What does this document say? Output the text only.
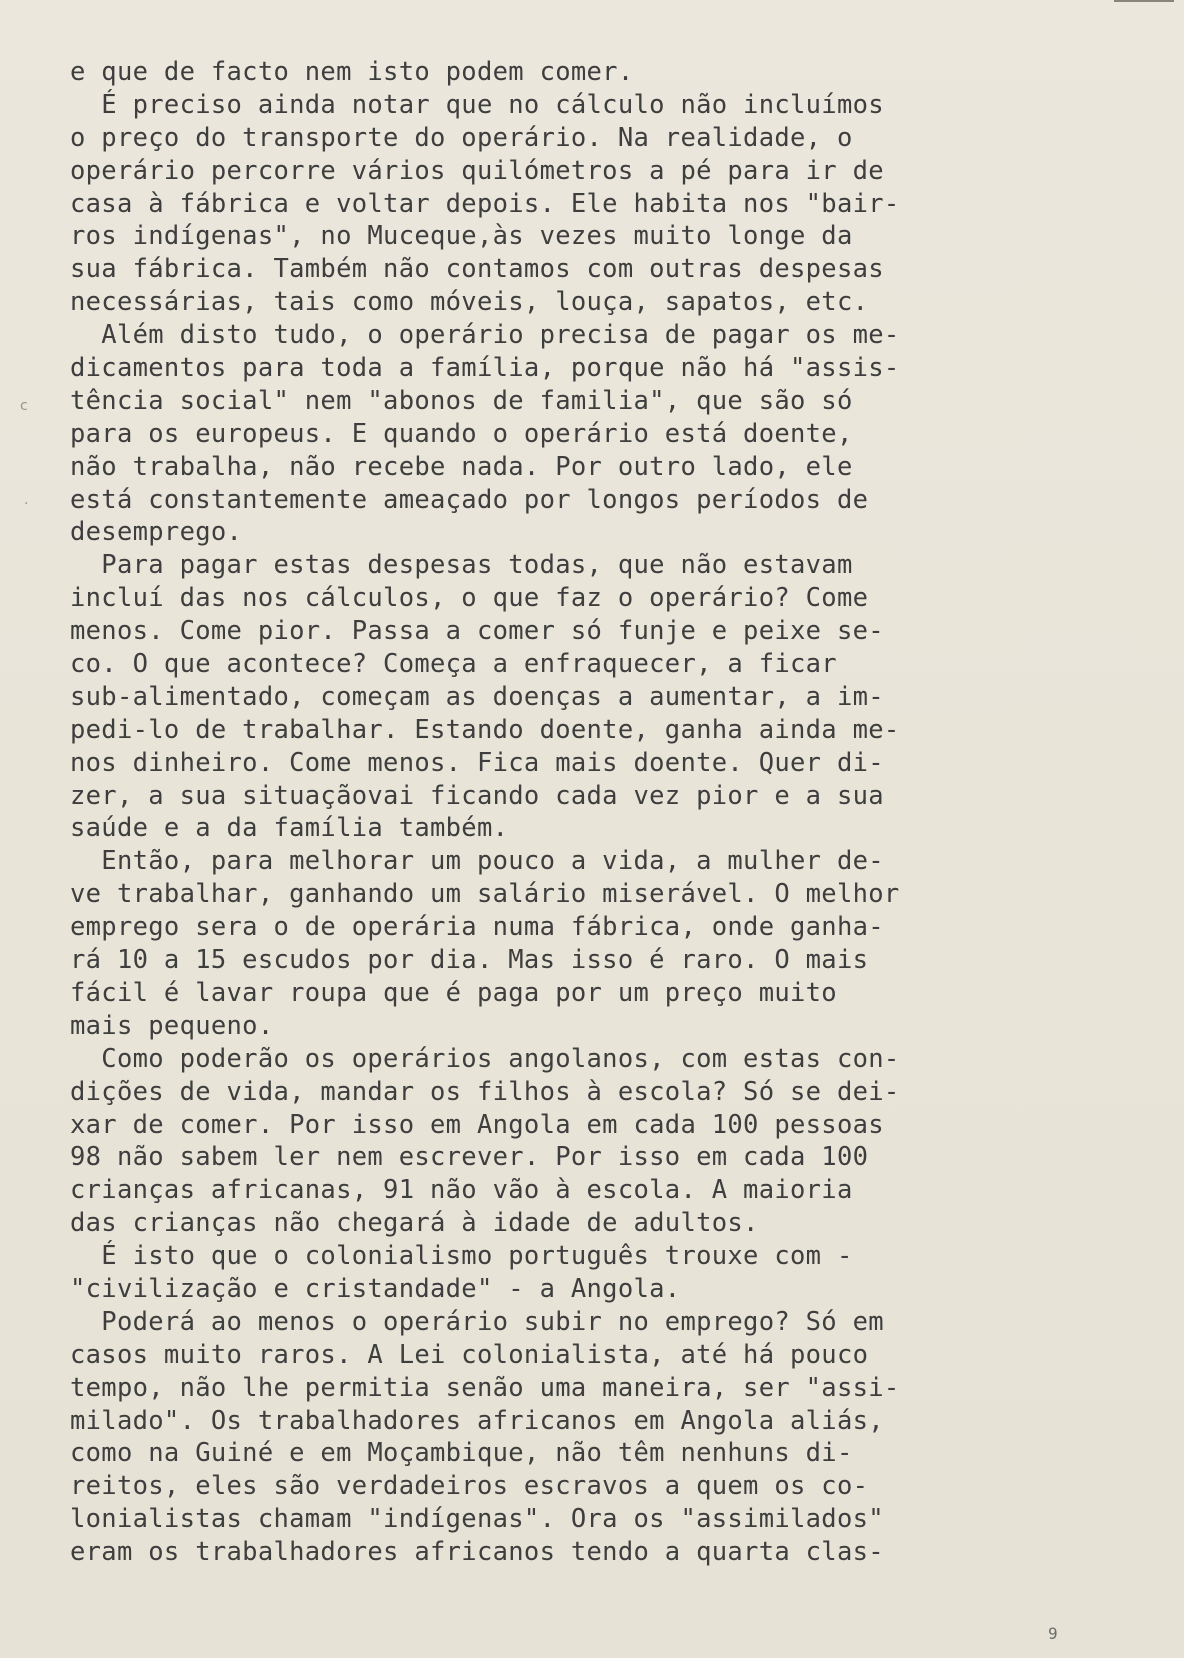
c
·
e que de facto nem isto podem comer.
É preciso ainda notar que no cálculo não incluímos
o preço do transporte do operário. Na realidade, o
operário percorre vários quilómetros a pé para ir de
casa à fábrica e voltar depois. Ele habita nos "bair-
ros indígenas", no Muceque,às vezes muito longe da
sua fábrica. Também não contamos com outras despesas
necessárias, tais como móveis, louça, sapatos, etc.
Além disto tudo, o operário precisa de pagar os me-
dicamentos para toda a família, porque não há "assis-
tência social" nem "abonos de familia", que são só
para os europeus. E quando o operário está doente,
não trabalha, não recebe nada. Por outro lado, ele
está constantemente ameaçado por longos períodos de
desemprego.
Para pagar estas despesas todas, que não estavam
incluí das nos cálculos, o que faz o operário? Come
menos. Come pior. Passa a comer só funje e peixe se-
co. O que acontece? Começa a enfraquecer, a ficar
sub-alimentado, começam as doenças a aumentar, a im-
pedi-lo de trabalhar. Estando doente, ganha ainda me-
nos dinheiro. Come menos. Fica mais doente. Quer di-
zer, a sua situaçãovai ficando cada vez pior e a sua
saúde e a da família também.
Então, para melhorar um pouco a vida, a mulher de-
ve trabalhar, ganhando um salário miserável. O melhor
emprego sera o de operária numa fábrica, onde ganha-
rá 10 a 15 escudos por dia. Mas isso é raro. O mais
fácil é lavar roupa que é paga por um preço muito
mais pequeno.
Como poderão os operários angolanos, com estas con-
dições de vida, mandar os filhos à escola? Só se dei-
xar de comer. Por isso em Angola em cada 100 pessoas
98 não sabem ler nem escrever. Por isso em cada 100
crianças africanas, 91 não vão à escola. A maioria
das crianças não chegará à idade de adultos.
É isto que o colonialismo português trouxe com -
"civilização e cristandade" - a Angola.
Poderá ao menos o operário subir no emprego? Só em
casos muito raros. A Lei colonialista, até há pouco
tempo, não lhe permitia senão uma maneira, ser "assi-
milado". Os trabalhadores africanos em Angola aliás,
como na Guiné e em Moçambique, não têm nenhuns di-
reitos, eles são verdadeiros escravos a quem os co-
lonialistas chamam "indígenas". Ora os "assimilados"
eram os trabalhadores africanos tendo a quarta clas-
9
